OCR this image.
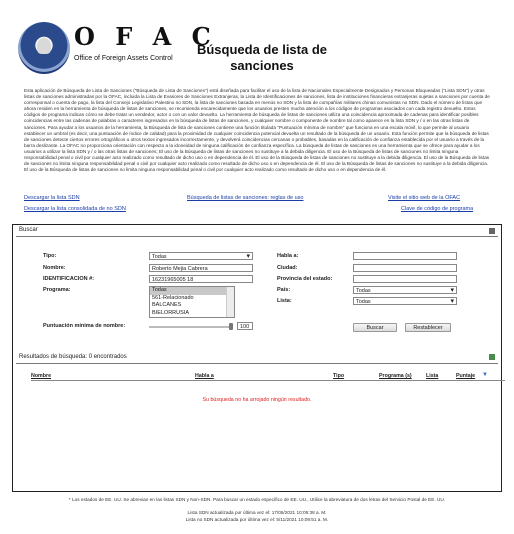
O F A C
Office of Foreign Assets Control
Búsqueda de lista de
sanciones
Esta aplicación de Búsqueda de Lista de Sanciones ("Búsqueda de Lista de Sanciones") está diseñada para facilitar el uso de la lista de Nacionales Especialmente Designados y Personas Bloqueadas ("Lista SDN") y otras listas de sanciones administradas por la OFAC, incluida la Lista de Evasores de Sanciones Extranjeras, la Lista de Identificaciones de sanciones, lista de instituciones financieras extranjeras sujetas a sanciones por cuenta de corresponsal o cuenta de pago, la lista del Consejo Legislativo Palestino no SDN, la lista de sanciones basada en menús no SDN y la lista de compañías militares chinas comunistas no SDN. Dado el número de listas que ahora residen en la herramienta de búsqueda de listas de sanciones, se recomienda encarecidamente que los usuarios presten mucha atención a los códigos de programas asociados con cada registro devuelto. Estos códigos de programa indican cómo se debe tratar un vendedor, actor o con un valor devuelto. La herramienta de búsqueda de listas de sanciones utiliza una coincidencia aproximada de cadenas para identificar posibles coincidencias entre las cadenas de palabras o caracteres ingresados en la búsqueda de listas de sanciones, y cualquier nombre o componente de nombre tal como aparece en la lista SDN y / o en las otras listas de sanciones. Para ayudar a los usuarios de la herramienta, la Búsqueda de lista de sanciones contiene una función titulada "Puntuación mínima de nombre" que funciona en una escala móvil, lo que permite al usuario establecer un umbral (es decir, una puntuación de índice de calidad) para la proximidad de cualquier coincidencia potencial devuelta un resultado de la búsqueda de un usuario. Esta función permite que la búsqueda de listas de sanciones detecte ciertos errores ortográficos u otros textos ingresados incorrectamente, y devolverá coincidencias cercanas o probables, basadas en la calificación de confianza establecida por el usuario a través de la barra deslizante. La OFAC no proporciona orientación con respecto a la idoneidad de ninguna calificación de confianza específica. La búsqueda de listas de sanciones es una herramienta que se ofrece para ayudar a los usuarios a utilizar la lista SDN y / o las otras listas de sanciones; El uso de la Búsqueda de listas de sanciones no sustituye a la debida diligencia. El uso de la Búsqueda de listas de sanciones no limita ninguna responsabilidad penal o civil por cualquier acto realizado como resultado de dicho uso o en dependencia de él. El uso de la Búsqueda de listas de sanciones no sustituye a la debida diligencia. El uso de la Búsqueda de listas de sanciones no limita ninguna responsabilidad penal o civil por cualquier acto realizado como resultado de dicho uso o en dependencia de él. El uso de la Búsqueda de listas de sanciones no sustituye a la debida diligencia. El uso de la Búsqueda de listas de sanciones no limita ninguna responsabilidad penal o civil por cualquier acto realizado como resultado de dicho uso o en dependencia de él.
Descargar la lista SDN	Búsqueda de listas de sanciones: reglas de uso	Visite el sitio web de la OFAC
Descargar la lista consolidada de no SDN	Clave de código de programa
Buscar
Tipo:	Todas ▾
Nombre:	Roberto Mejia Cabrera
IDENTIFICACION #:	16231965005 18
Programa:	Todas
561-Relacionado
BALCANES
BIELORRUSIA
Puntuación mínima de nombre:	100
Habla a:
Ciudad:
Provincia del estado:
País:	Todas ▾
Lista:	Todas ▾
Buscar	Restablecer
Resultados de búsqueda: 0 encontrados
Nombre	Habla a	Tipo	Programa (s)	Lista	Puntaje ▼
Su búsqueda no ha arrojado ningún resultado.
* Los estados de EE. UU. Se abrevian en las listas SDN y Non-SDN. Para buscar un estado específico de EE. UU., Utilice la abreviatura de dos letras del Servicio Postal de EE. UU.
Lista SDN actualizada por última vez el: 17/05/2021 10:05:38 a. M.
Lista no SDN actualizada por última vez el: 5/11/2021 10:09:51 a. M.
